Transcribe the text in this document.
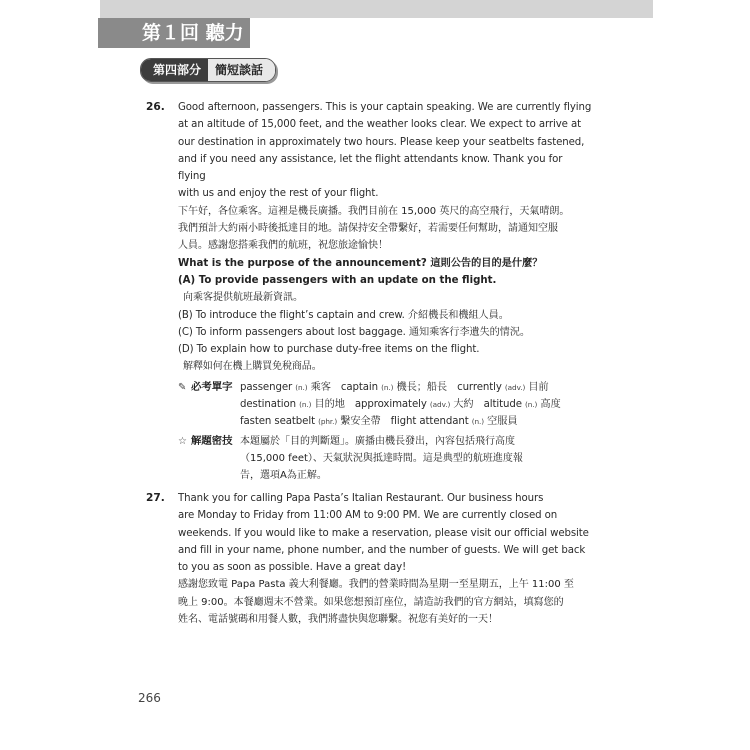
第１回 聽力
第四部分	簡短談話
26. Good afternoon, passengers. This is your captain speaking. We are currently flying

at an altitude of 15,000 feet, and the weather looks clear. We expect to arrive at

our destination in approximately two hours. Please keep your seatbelts fastened,

and if you need any assistance, let the flight attendants know. Thank you for flying

with us and enjoy the rest of your flight.

下午好，各位乘客。這裡是機長廣播。我們目前在 15,000 英尺的高空飛行，天氣晴朗。

我們預計大約兩小時後抵達目的地。請保持安全帶繫好，若需要任何幫助，請通知空服

人員。感謝您搭乘我們的航班，祝您旅途愉快！

What is the purpose of the announcement? 這則公告的目的是什麼？

(A) To provide passengers with an update on the flight.
向乘客提供航班最新資訊。
(B) To introduce the flight’s captain and crew. 介紹機長和機組人員。
(C) To inform passengers about lost baggage. 通知乘客行李遺失的情況。
(D) To explain how to purchase duty-free items on the flight.
解釋如何在機上購買免稅商品。
✎ 必考單字 passenger (n.) 乘客　captain (n.) 機長；船長　currently (adv.) 目前

destination (n.) 目的地　approximately (adv.) 大約　altitude (n.) 高度

fasten seatbelt (phr.) 繫安全帶　flight attendant (n.) 空服員

☆ 解題密技 本題屬於「目的判斷題」。廣播由機長發出，內容包括飛行高度

（15,000 feet）、天氣狀況與抵達時間。這是典型的航班進度報

告，選項A為正解。

27. Thank you for calling Papa Pasta’s Italian Restaurant. Our business hours

are Monday to Friday from 11:00 AM to 9:00 PM. We are currently closed on

weekends. If you would like to make a reservation, please visit our official website

and fill in your name, phone number, and the number of guests. We will get back

to you as soon as possible. Have a great day!

感謝您致電 Papa Pasta 義大利餐廳。我們的營業時間為星期一至星期五，上午 11:00 至

晚上 9:00。本餐廳週末不營業。如果您想預訂座位，請造訪我們的官方網站，填寫您的

姓名、電話號碼和用餐人數，我們將盡快與您聯繫。祝您有美好的一天！

266
